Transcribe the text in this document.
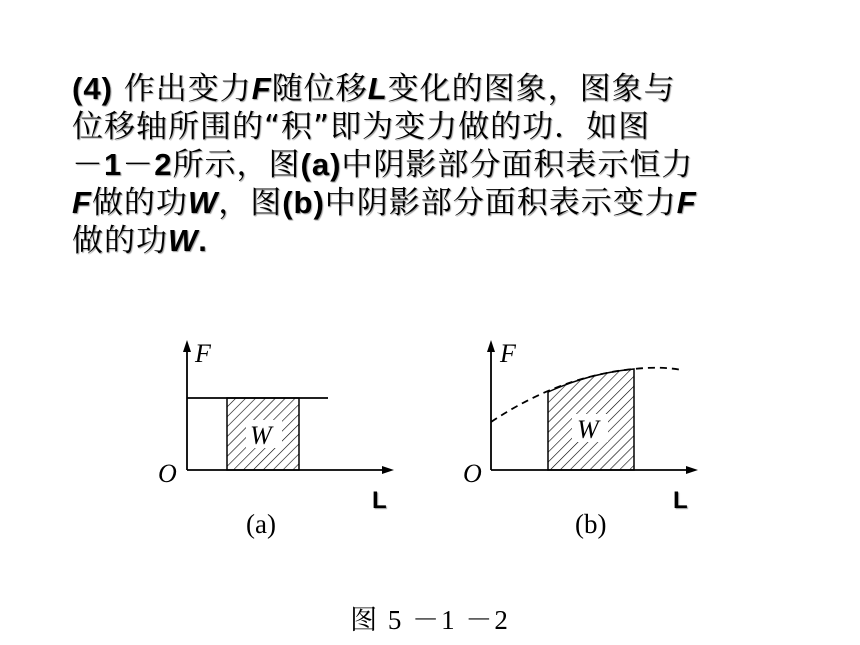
(4) 作出变力F随位移L变化的图象，图象与
位移轴所围的“积”即为变力做的功．如图
－1－2所示，图(a)中阴影部分面积表示恒力
F做的功W，图(b)中阴影部分面积表示变力F
做的功W.
F
O
W
L
(a)
F
O
W
L
(b)
图 5 －1 －2
